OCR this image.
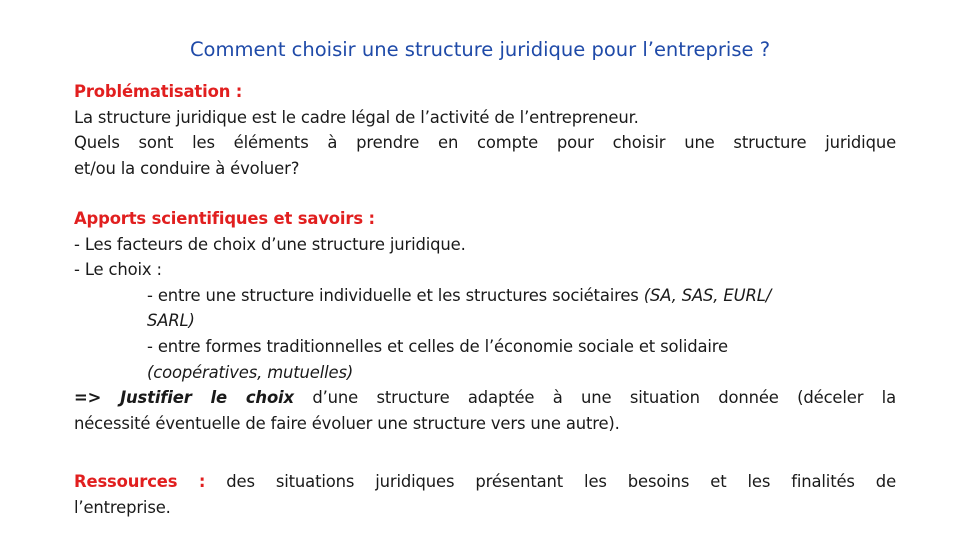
Comment choisir une structure juridique pour l’entreprise ?
Problématisation :
La structure juridique est le cadre légal de l’activité de l’entrepreneur.
Quels sont les éléments à prendre en compte pour choisir une structure juridique
et/ou la conduire à évoluer?
Apports scientifiques et savoirs :
- Les facteurs de choix d’une structure juridique.
- Le choix :
- entre une structure individuelle et les structures sociétaires (SA, SAS, EURL/
SARL)
- entre formes traditionnelles et celles de l’économie sociale et solidaire
(coopératives, mutuelles)
=> Justifier le choix d’une structure adaptée à une situation donnée (déceler la
nécessité éventuelle de faire évoluer une structure vers une autre).
Ressources : des situations juridiques présentant les besoins et les finalités de
l’entreprise.
